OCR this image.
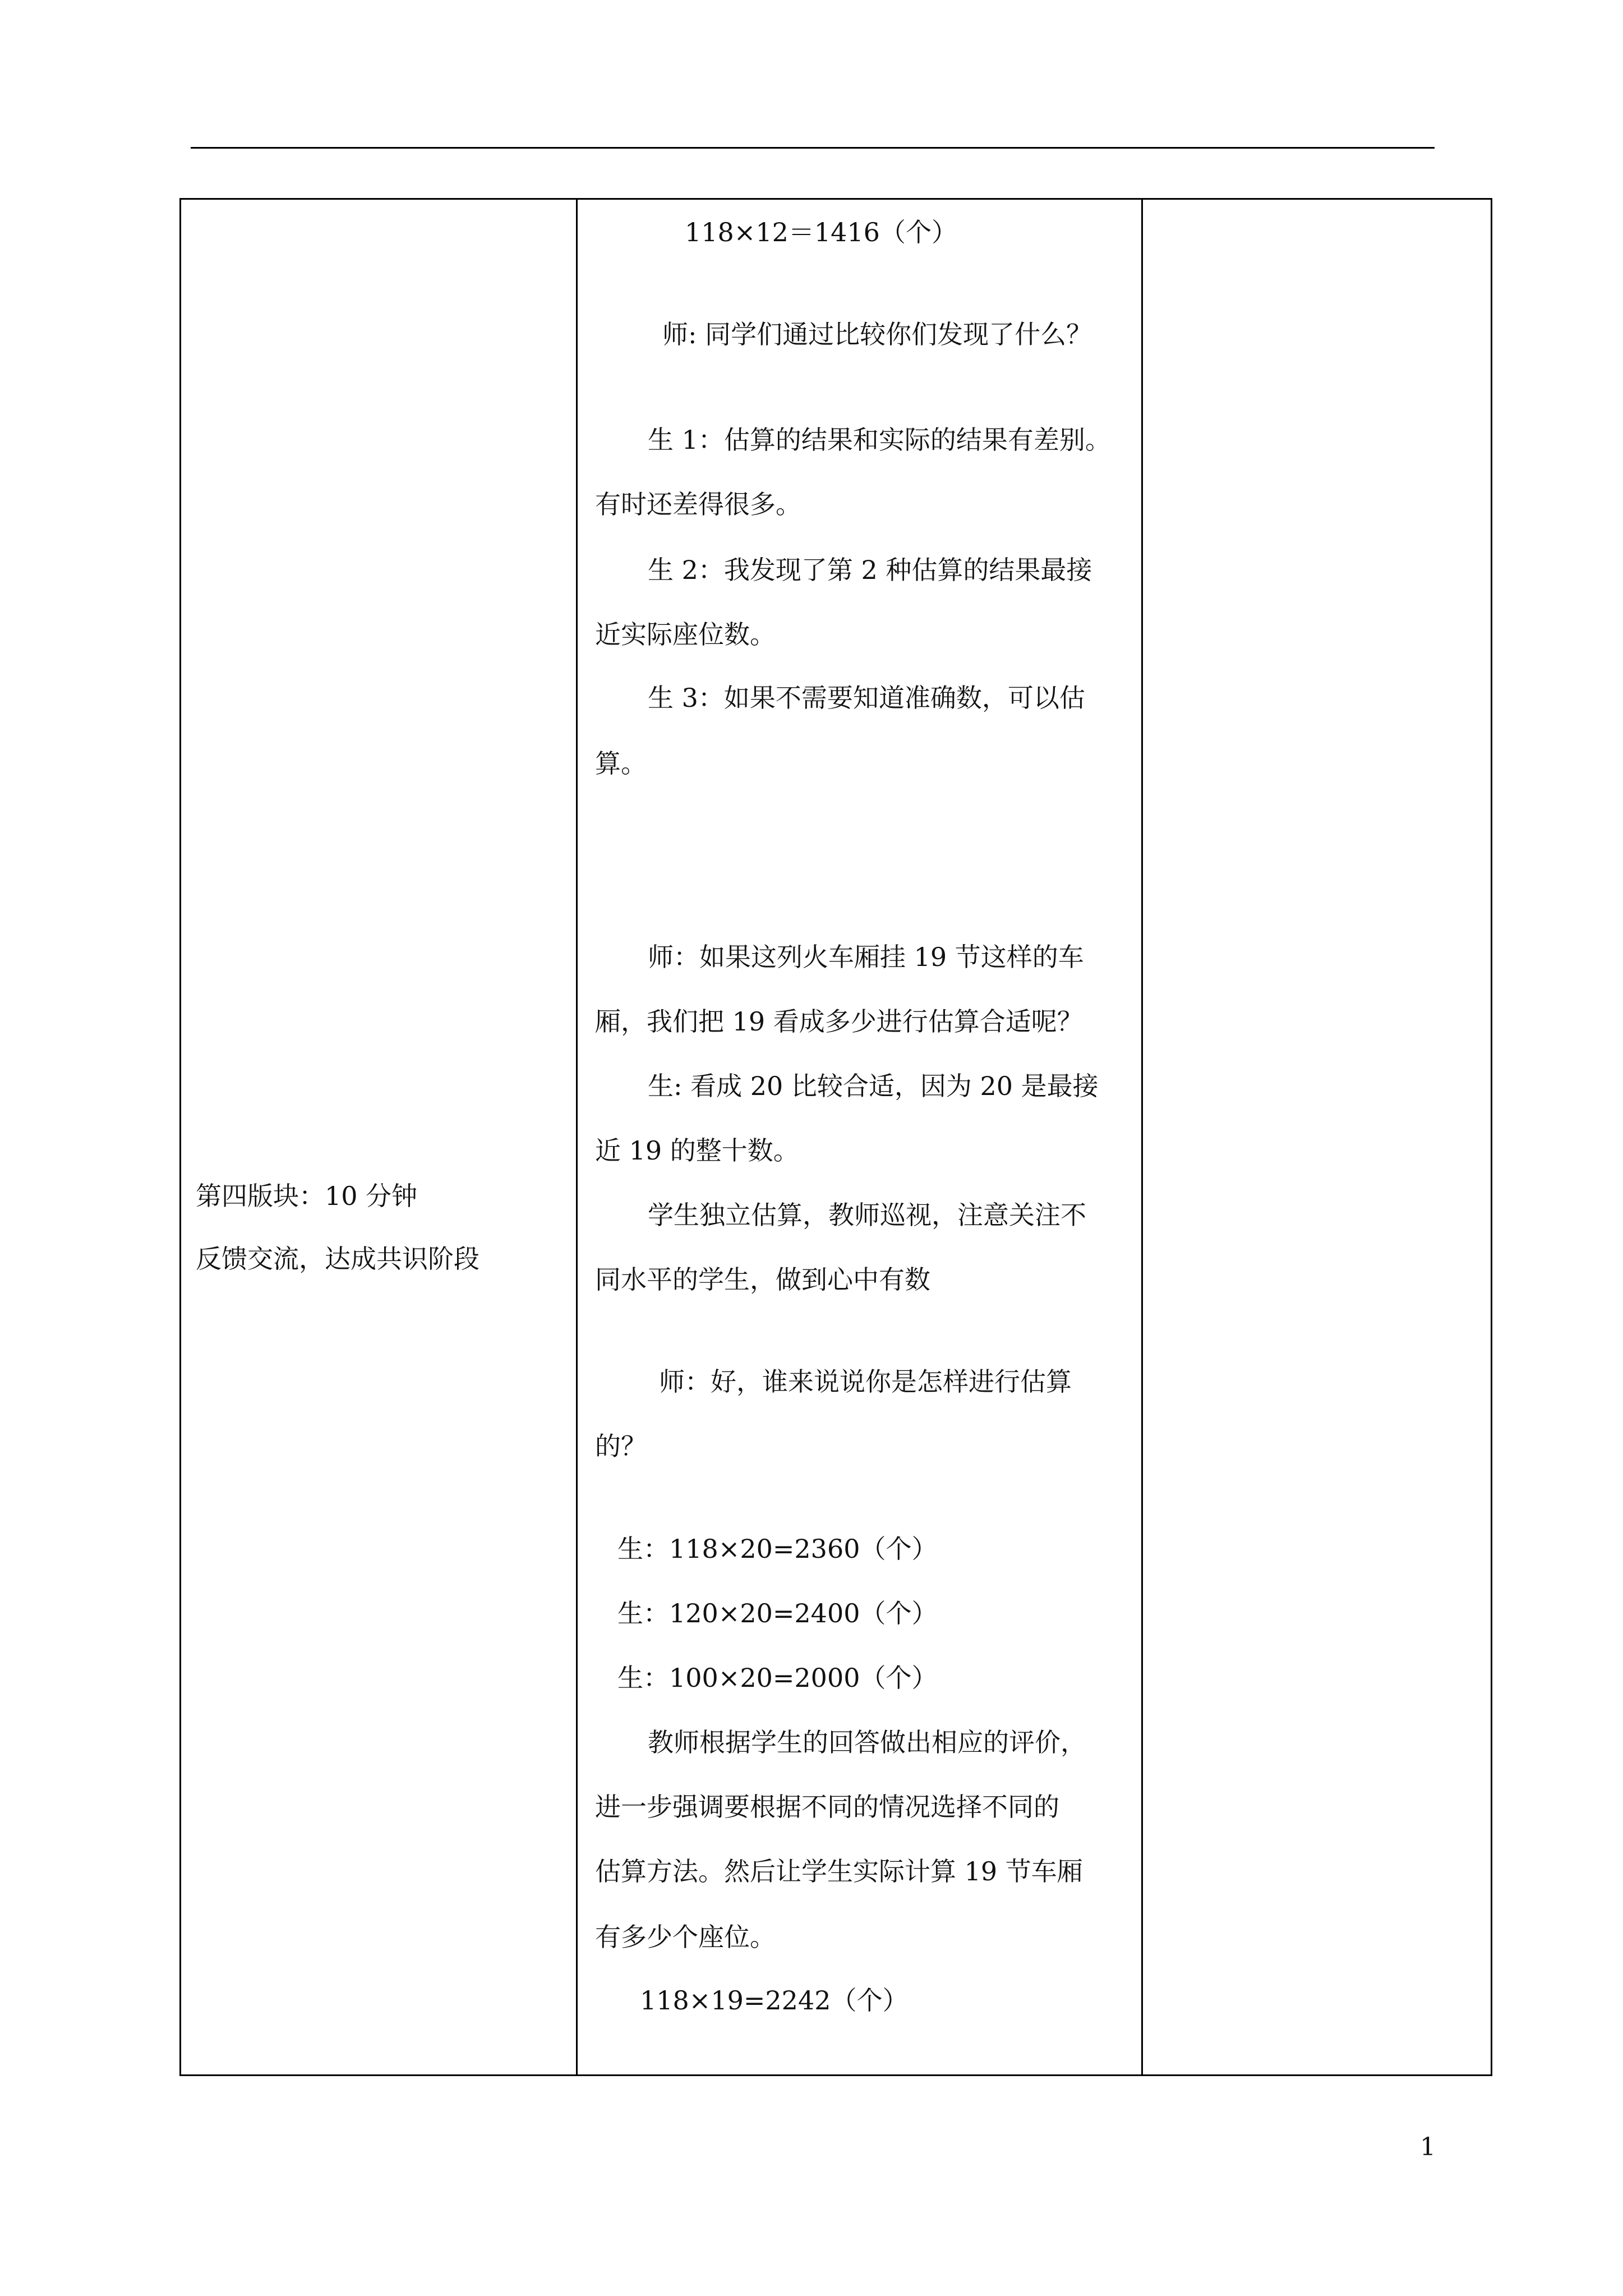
第四版块：10 分钟
反馈交流，达成共识阶段
118×12＝1416（个）
师: 同学们通过比较你们发现了什么？
生 1：估算的结果和实际的结果有差别。
有时还差得很多。
生 2：我发现了第 2 种估算的结果最接
近实际座位数。
生 3：如果不需要知道准确数，可以估
算。
师：如果这列火车厢挂 19 节这样的车
厢，我们把 19 看成多少进行估算合适呢？
生: 看成 20 比较合适，因为 20 是最接
近 19 的整十数。
学生独立估算，教师巡视，注意关注不
同水平的学生，做到心中有数
师：好，谁来说说你是怎样进行估算
的？
生：118×20=2360（个）
生：120×20=2400（个）
生：100×20=2000（个）
教师根据学生的回答做出相应的评价，
进一步强调要根据不同的情况选择不同的
估算方法。然后让学生实际计算 19 节车厢
有多少个座位。
118×19=2242（个）
1
